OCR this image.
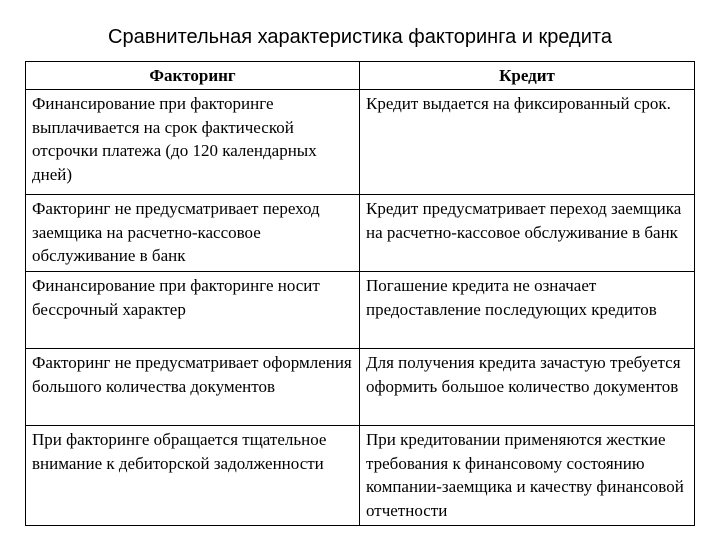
Сравнительная характеристика факторинга и кредита
Факторинг	Кредит
Финансирование при факторинге выплачивается на срок фактической отсрочки платежа (до 120 календарных дней)	Кредит выдается на фиксированный срок.
Факторинг не предусматривает переход заемщика на расчетно-кассовое обслуживание в банк	Кредит предусматривает переход заемщика на расчетно-кассовое обслуживание в банк
Финансирование при факторинге носит бессрочный характер	Погашение кредита не означает предоставление последующих кредитов
Факторинг не предусматривает оформления большого количества документов	Для получения кредита зачастую требуется оформить большое количество документов
При факторинге обращается тщательное внимание к дебиторской задолженности	При кредитовании применяются жесткие требования к финансовому состоянию компании-заемщика и качеству финансовой отчетности
